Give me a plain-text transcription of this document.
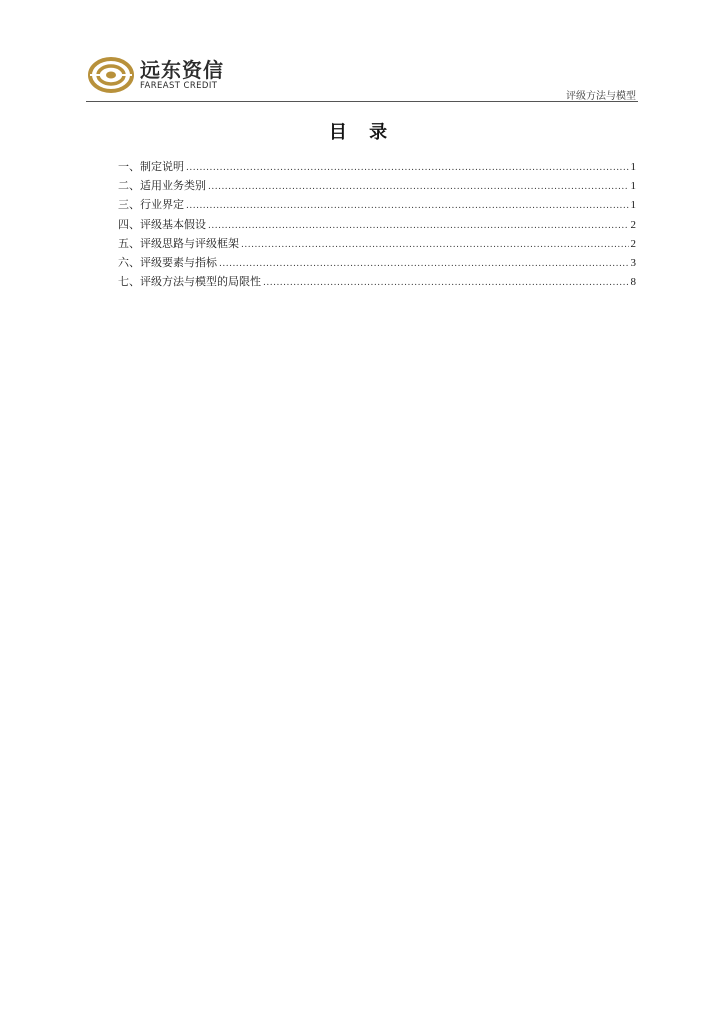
远东资信
FAREAST CREDIT
评级方法与模型
目 录
一、制定说明 .....	1
二、适用业务类别 .....	1
三、行业界定 .....	1
四、评级基本假设 .....	2
五、评级思路与评级框架 .....	2
六、评级要素与指标 .....	3
七、评级方法与模型的局限性 .....	8
